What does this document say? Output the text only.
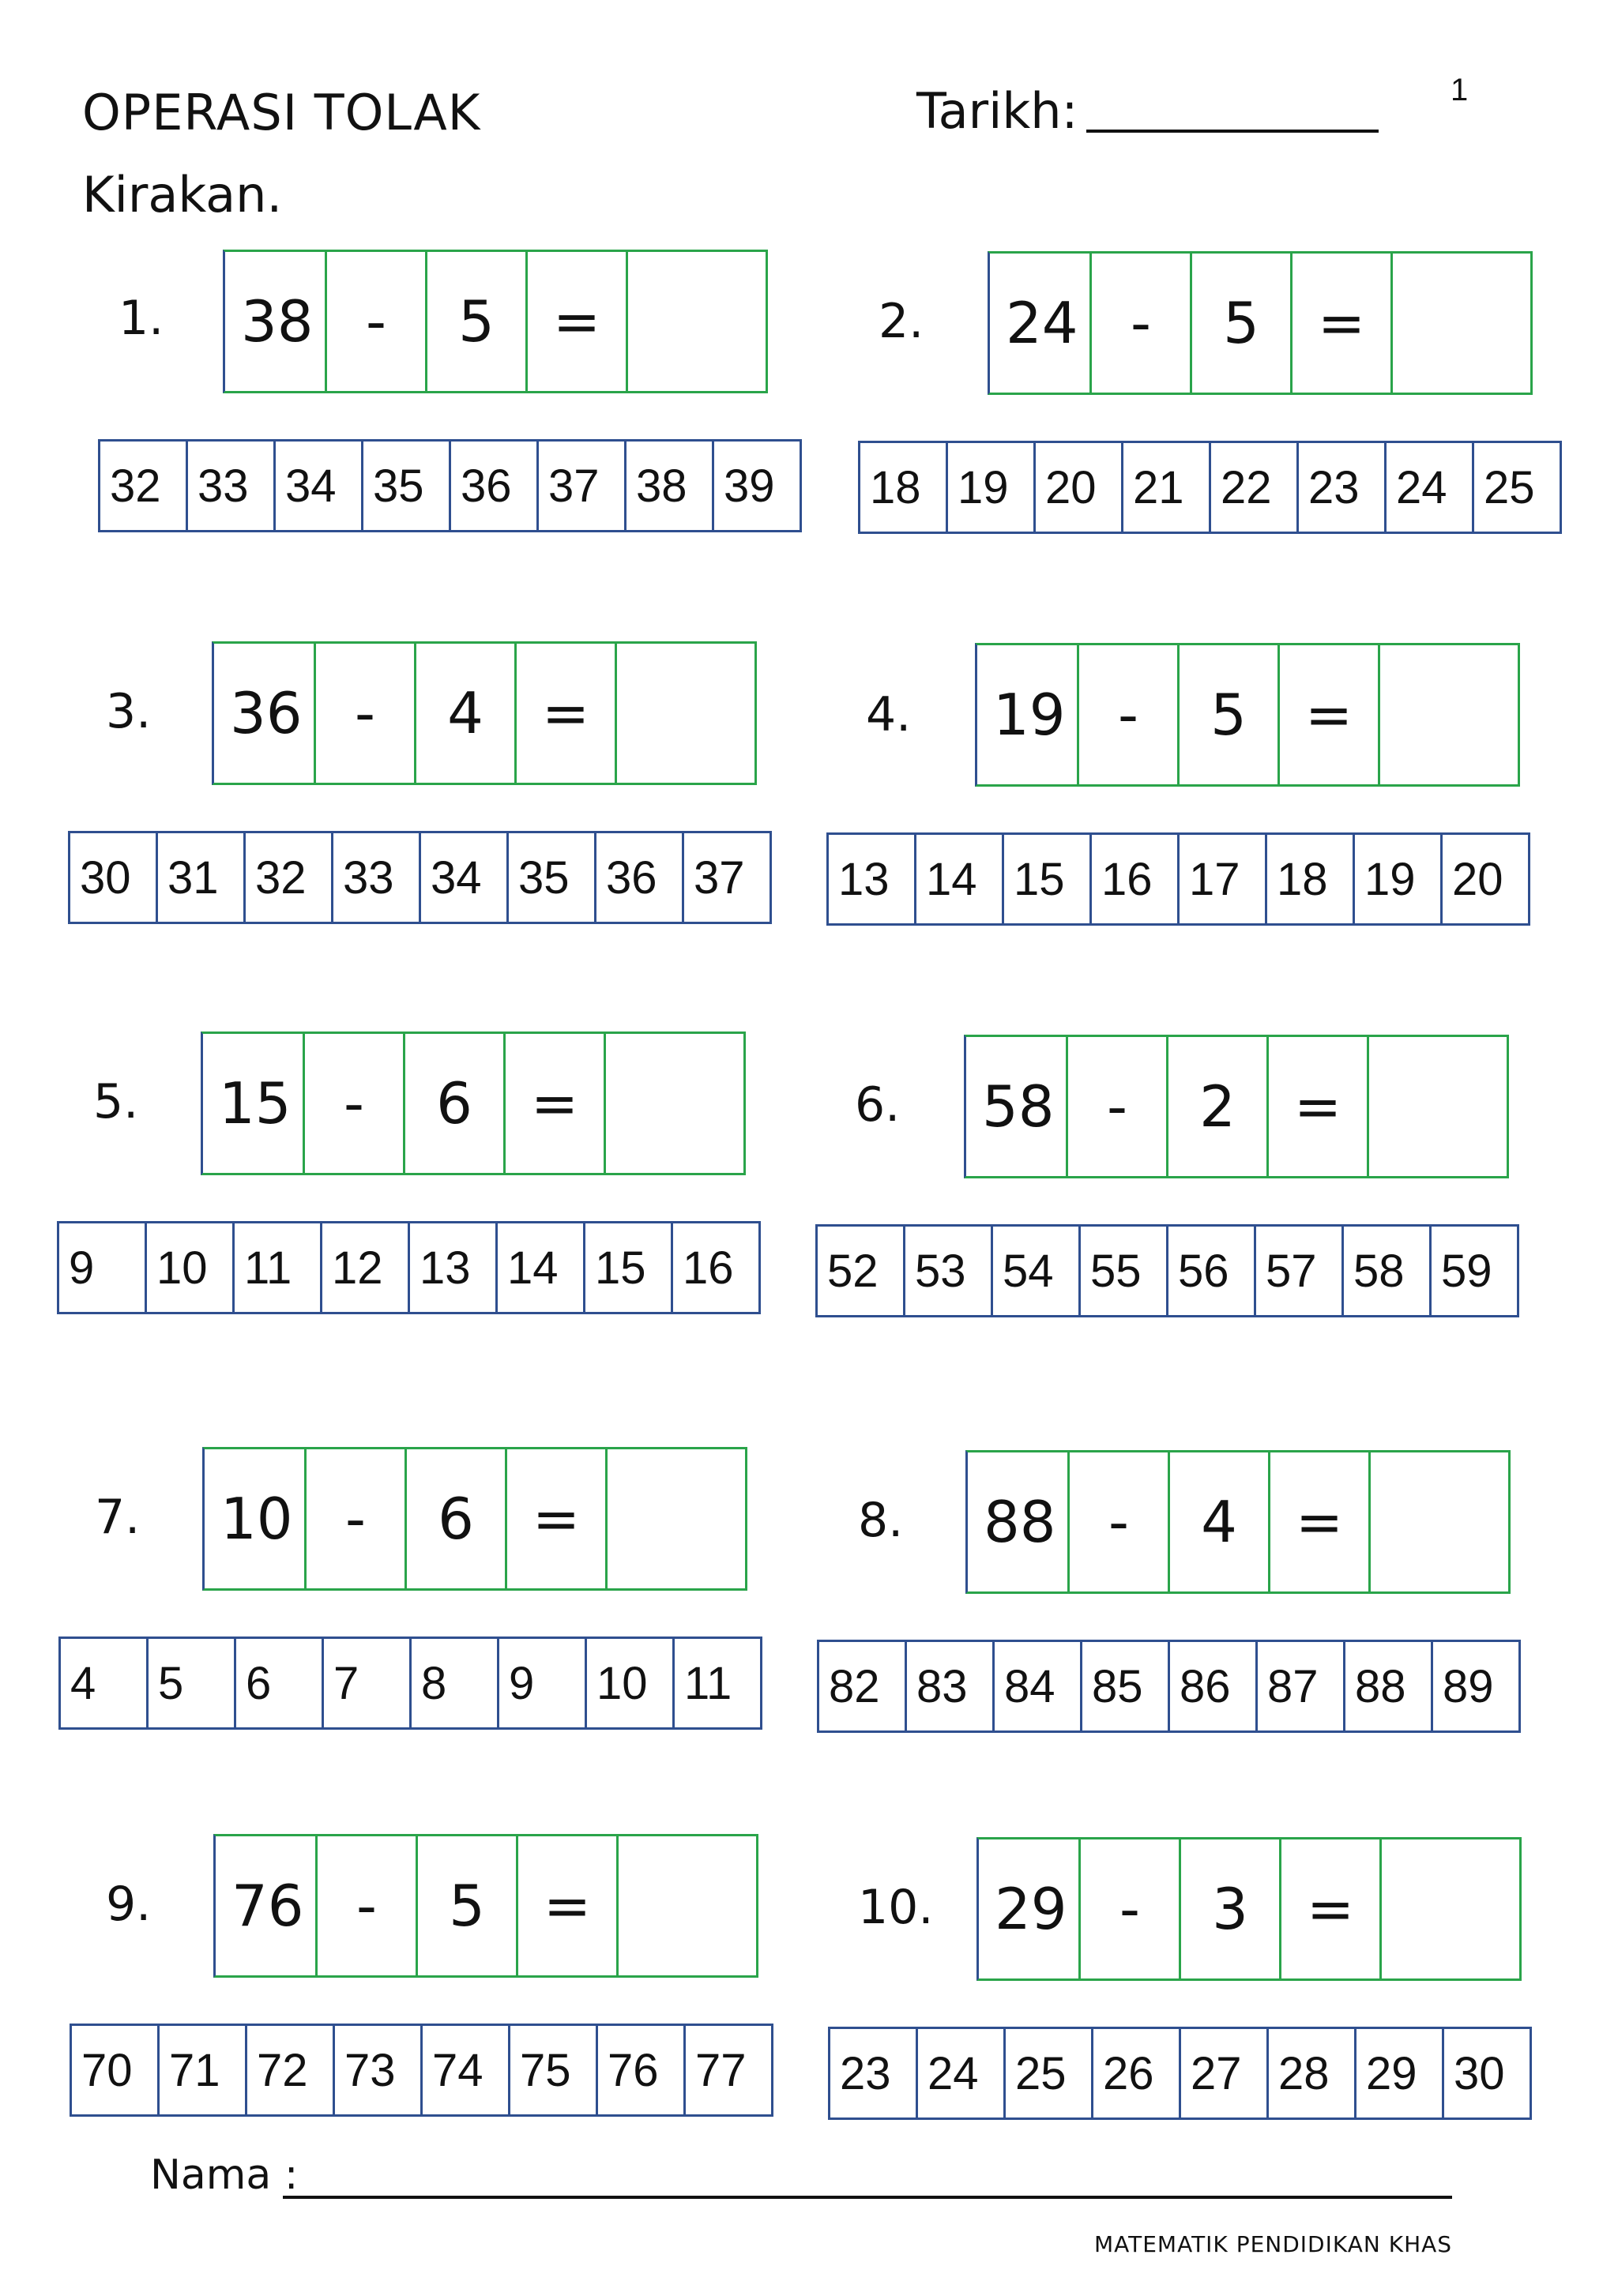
1
OPERASI TOLAK	Tarikh:
Kirakan.
1.	38 -	5	=
32 33 34 35 36 37 38 39
2.	24 -	5	=
18 19 20 21 22 23 24 25
3.	36 -	4	=
30 31 32 33 34 35 36 37
4.	19 -	5	=
13 14 15 16 17 18 19 20
5.	15 -	6	=
9	10 11 12 13 14 15 16
6.	58 -	2	=
52 53 54 55 56 57 58 59
7.	10 -	6	=
4	5	6	7	8	9	10 11
8.	88 -	4	=
82 83 84 85 86 87 88 89
9.	76 -	5	=
70 71 72 73 74 75 76 77
10.	29 -	3	=
23 24 25 26 27 28 29 30
Nama :
MATEMATIK PENDIDIKAN KHAS
